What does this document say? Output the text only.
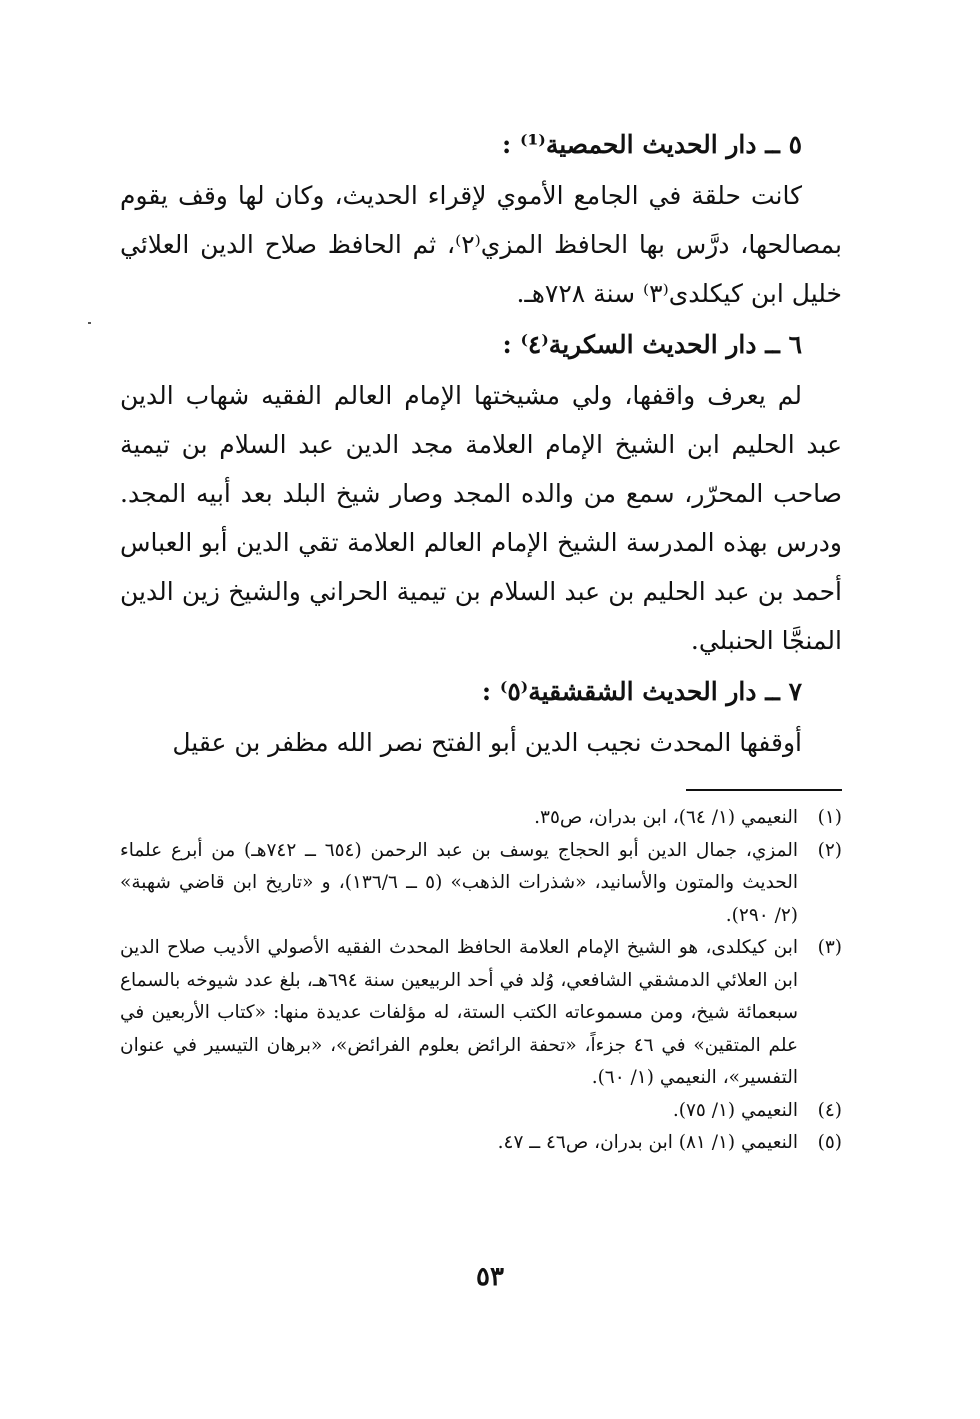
٥ ــ دار الحديث الحمصية⁽¹⁾ :
كانت حلقة في الجامع الأموي لإقراء الحديث، وكان لها وقف يقوم بمصالحها، درَّس بها الحافظ المزي⁽٢⁾، ثم الحافظ صلاح الدين العلائي خليل ابن كيكلدى⁽٣⁾ سنة ٧٢٨هـ.
٦ ــ دار الحديث السكرية⁽٤⁾ :
لم يعرف واقفها، ولي مشيختها الإمام العالم الفقيه شهاب الدين عبد الحليم ابن الشيخ الإمام العلامة مجد الدين عبد السلام بن تيمية صاحب المحرّر، سمع من والده المجد وصار شيخ البلد بعد أبيه المجد. ودرس بهذه المدرسة الشيخ الإمام العالم العلامة تقي الدين أبو العباس أحمد بن عبد الحليم بن عبد السلام بن تيمية الحراني والشيخ زين الدين المنجَّا الحنبلي.
٧ ــ دار الحديث الشقشقية⁽٥⁾ :
أوقفها المحدث نجيب الدين أبو الفتح نصر الله مظفر بن عقيل
(١)
النعيمي (١/ ٦٤)، ابن بدران، ص٣٥.
(٢)
المزي، جمال الدين أبو الحجاج يوسف بن عبد الرحمن (٦٥٤ ــ ٧٤٢هـ) من أبرع علماء الحديث والمتون والأسانيد، «شذرات الذهب» (٥ ــ ١٣٦/٦)، و «تاريخ ابن قاضي شهبة» (٢/ ٢٩٠).
(٣)
ابن كيكلدى، هو الشيخ الإمام العلامة الحافظ المحدث الفقيه الأصولي الأديب صلاح الدين ابن العلائي الدمشقي الشافعي، وُلد في أحد الربيعين سنة ٦٩٤هـ، بلغ عدد شيوخه بالسماع سبعمائة شيخ، ومن مسموعاته الكتب الستة، له مؤلفات عديدة منها: «كتاب الأربعين في علم المتقين» في ٤٦ جزءاً، «تحفة الرائض بعلوم الفرائض»، «برهان التيسير في عنوان التفسير»، النعيمي (١/ ٦٠).
(٤)
النعيمي (١/ ٧٥).
(٥)
النعيمي (١/ ٨١) ابن بدران، ص٤٦ ــ ٤٧.
٥٣
